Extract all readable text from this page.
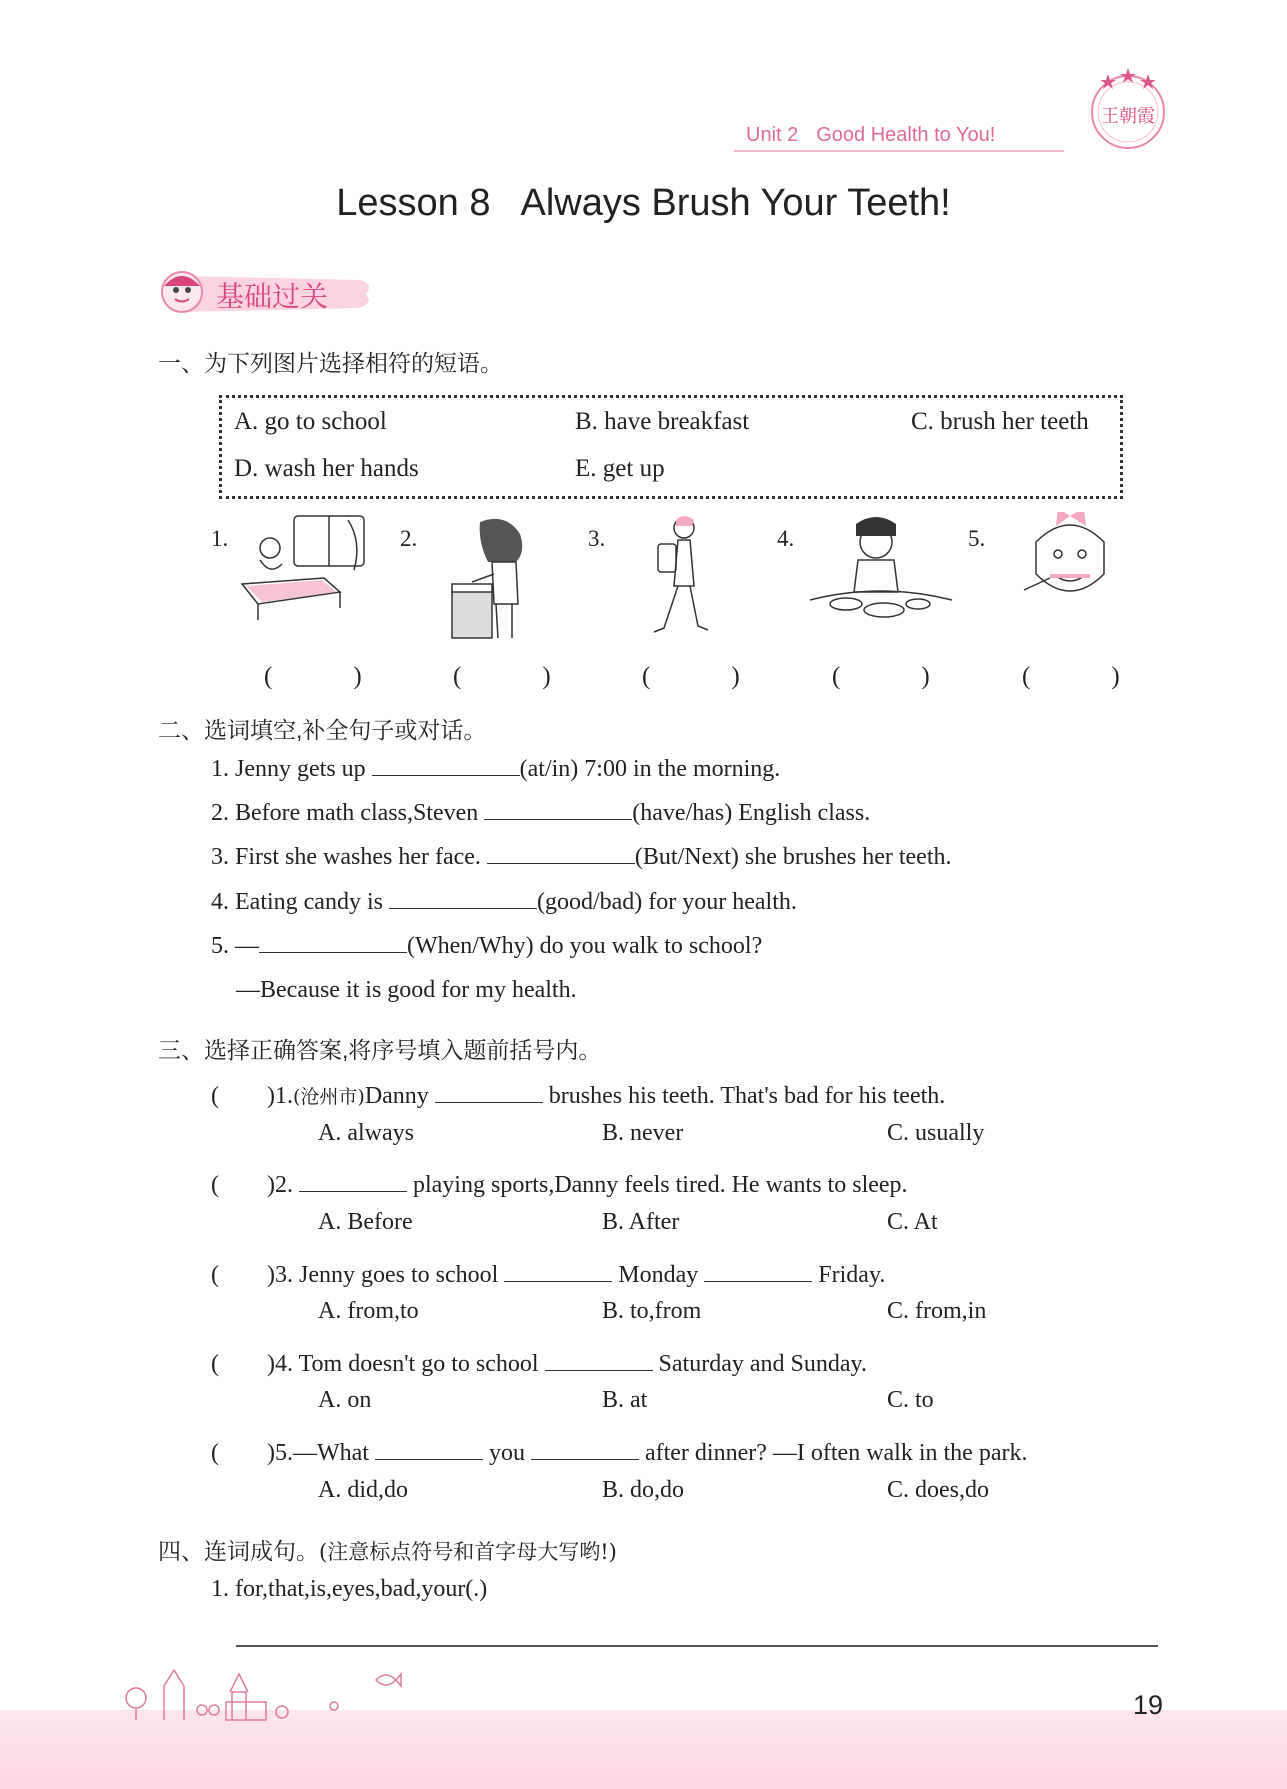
Unit 2 Good Health to You!
王朝霞
Lesson 8 Always Brush Your Teeth!
基础过关
一、为下列图片选择相符的短语。
A. go to school	B. have breakfast	C. brush her teeth
D. wash her hands	E. get up
1.	2.	3.	4.	5.
(　)	(　)	(　)	(　)	(　)
二、选词填空,补全句子或对话。
1. Jenny gets up	(at/in) 7:00 in the morning.
2. Before math class,Steven	(have/has) English class.
3. First she washes her face.	(But/Next) she brushes her teeth.
4. Eating candy is	(good/bad) for your health.
5. —	(When/Why) do you walk to school?
—Because it is good for my health.
三、选择正确答案,将序号填入题前括号内。
(　　)1.(沧州市)Danny	brushes his teeth. That's bad for his teeth.
A. always	B. never	C. usually
(　　)2.	playing sports,Danny feels tired. He wants to sleep.
A. Before	B. After	C. At
(　　)3. Jenny goes to school	Monday	Friday.
A. from,to	B. to,from	C. from,in
(　　)4. Tom doesn't go to school	Saturday and Sunday.
A. on	B. at	C. to
(　　)5.—What	you	after dinner? —I often walk in the park.
A. did,do	B. do,do	C. does,do
四、连词成句。(注意标点符号和首字母大写哟!)
1. for,that,is,eyes,bad,your(.)
19
